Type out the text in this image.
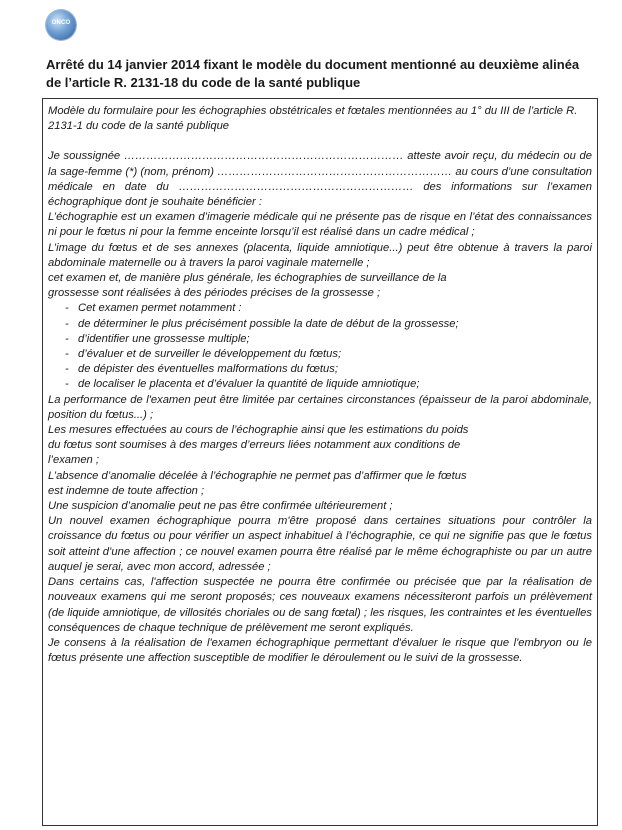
ONCO
Arrêté du 14 janvier 2014 fixant le modèle du document mentionné au deuxième alinéa de l’article R. 2131-18 du code de la santé publique

Modèle du formulaire pour les échographies obstétricales et fœtales mentionnées au 1° du III de l’article R. 2131-1 du code de la santé publique

Je soussignée ………………………………………………………………… atteste avoir reçu, du médecin ou de la sage-femme (*) (nom, prénom) ……………………………………………………… au cours d’une consultation médicale en date du ……………………………………………………… des informations sur l’examen échographique dont je souhaite bénéficier :

L’échographie est un examen d’imagerie médicale qui ne présente pas de risque en l’état des connaissances ni pour le fœtus ni pour la femme enceinte lorsqu’il est réalisé dans un cadre médical ;

L’image du fœtus et de ses annexes (placenta, liquide amniotique...) peut être obtenue à travers la paroi abdominale maternelle ou à travers la paroi vaginale maternelle ;

cet examen et, de manière plus générale, les échographies de surveillance de la

grossesse sont réalisées à des périodes précises de la grossesse ;

- Cet examen permet notamment :
- de déterminer le plus précisément possible la date de début de la grossesse;
- d’identifier une grossesse multiple;
- d’évaluer et de surveiller le développement du fœtus;
- de dépister des éventuelles malformations du fœtus;
- de localiser le placenta et d’évaluer la quantité de liquide amniotique;

La performance de l'examen peut être limitée par certaines circonstances (épaisseur de la paroi abdominale, position du fœtus...) ;

Les mesures effectuées au cours de l’échographie ainsi que les estimations du poids

du fœtus sont soumises à des marges d’erreurs liées notamment aux conditions de

l’examen ;

L’absence d’anomalie décelée à l’échographie ne permet pas d’affirmer que le fœtus

est indemne de toute affection ;

Une suspicion d’anomalie peut ne pas être confirmée ultérieurement ;

Un nouvel examen échographique pourra m'être proposé dans certaines situations pour contrôler la croissance du fœtus ou pour vérifier un aspect inhabituel à l’échographie, ce qui ne signifie pas que le fœtus soit atteint d’une affection ; ce nouvel examen pourra être réalisé par le même échographiste ou par un autre auquel je serai, avec mon accord, adressée ;

Dans certains cas, l'affection suspectée ne pourra être confirmée ou précisée que par la réalisation de nouveaux examens qui me seront proposés; ces nouveaux examens nécessiteront parfois un prélèvement (de liquide amniotique, de villosités choriales ou de sang fœtal) ; les risques, les contraintes et les éventuelles conséquences de chaque technique de prélèvement me seront expliqués.

Je consens à la réalisation de l'examen échographique permettant d'évaluer le risque que l'embryon ou le fœtus présente une affection susceptible de modifier le déroulement ou le suivi de la grossesse.
